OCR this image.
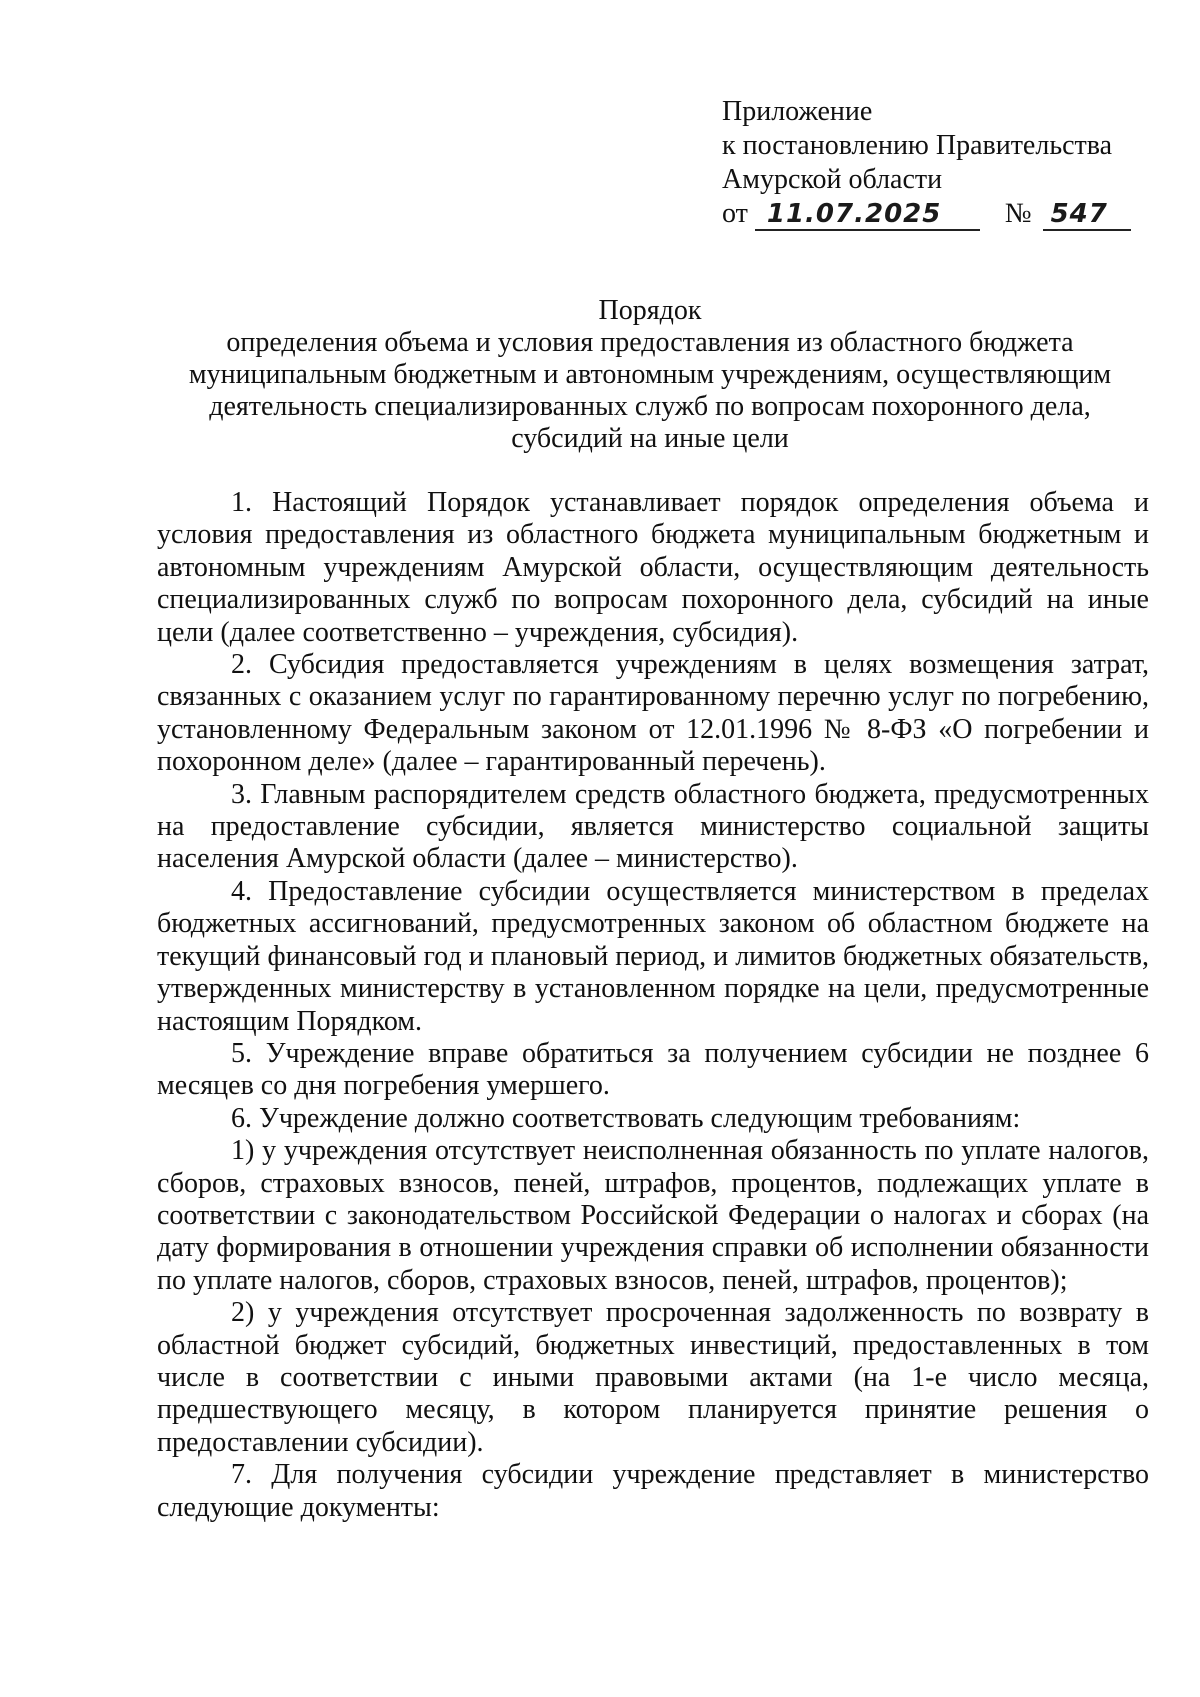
Приложение
к постановлению Правительства
Амурской области
от 11.07.2025 № 547
Порядок
определения объема и условия предоставления из областного бюджета
муниципальным бюджетным и автономным учреждениям, осуществляющим
деятельность специализированных служб по вопросам похоронного дела,
субсидий на иные цели

1. Настоящий Порядок устанавливает порядок определения объема и условия предоставления из областного бюджета муниципальным бюджетным и автономным учреждениям Амурской области, осуществляющим деятельность специализированных служб по вопросам похоронного дела, субсидий на иные цели (далее соответственно – учреждения, субсидия).

2. Субсидия предоставляется учреждениям в целях возмещения затрат, связанных с оказанием услуг по гарантированному перечню услуг по погребению, установленному Федеральным законом от 12.01.1996 № 8-ФЗ «О погребении и похоронном деле» (далее – гарантированный перечень).

3. Главным распорядителем средств областного бюджета, предусмотренных на предоставление субсидии, является министерство социальной защиты населения Амурской области (далее – министерство).

4. Предоставление субсидии осуществляется министерством в пределах бюджетных ассигнований, предусмотренных законом об областном бюджете на текущий финансовый год и плановый период, и лимитов бюджетных обязательств, утвержденных министерству в установленном порядке на цели, предусмотренные настоящим Порядком.

5. Учреждение вправе обратиться за получением субсидии не позднее 6 месяцев со дня погребения умершего.

6. Учреждение должно соответствовать следующим требованиям:

1) у учреждения отсутствует неисполненная обязанность по уплате налогов, сборов, страховых взносов, пеней, штрафов, процентов, подлежащих уплате в соответствии с законодательством Российской Федерации о налогах и сборах (на дату формирования в отношении учреждения справки об исполнении обязанности по уплате налогов, сборов, страховых взносов, пеней, штрафов, процентов);

2) у учреждения отсутствует просроченная задолженность по возврату в областной бюджет субсидий, бюджетных инвестиций, предоставленных в том числе в соответствии с иными правовыми актами (на 1-е число месяца, предшествующего месяцу, в котором планируется принятие решения о предоставлении субсидии).

7. Для получения субсидии учреждение представляет в министерство следующие документы:
